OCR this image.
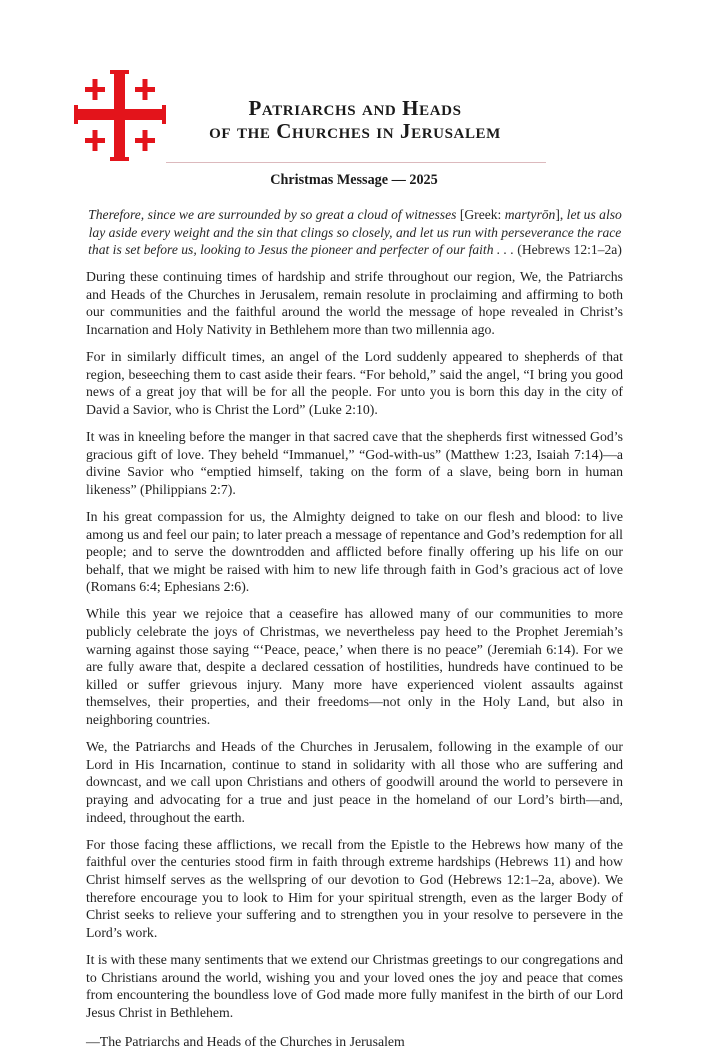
Patriarchs and Heads
of the Churches in Jerusalem
Christmas Message — 2025
Therefore, since we are surrounded by so great a cloud of witnesses [Greek: martyrōn], let us also lay aside every weight and the sin that clings so closely, and let us run with perseverance the race that is set before us, looking to Jesus the pioneer and perfecter of our faith . . . (Hebrews 12:1–2a)

During these continuing times of hardship and strife throughout our region, We, the Patriarchs and Heads of the Churches in Jerusalem, remain resolute in proclaiming and affirming to both our communities and the faithful around the world the message of hope revealed in Christ’s Incarnation and Holy Nativity in Bethlehem more than two millennia ago.

For in similarly difficult times, an angel of the Lord suddenly appeared to shepherds of that region, beseeching them to cast aside their fears. “For behold,” said the angel, “I bring you good news of a great joy that will be for all the people. For unto you is born this day in the city of David a Savior, who is Christ the Lord” (Luke 2:10).

It was in kneeling before the manger in that sacred cave that the shepherds first witnessed God’s gracious gift of love. They beheld “Immanuel,” “God-with-us” (Matthew 1:23, Isaiah 7:14)—a divine Savior who “emptied himself, taking on the form of a slave, being born in human likeness” (Philippians 2:7).

In his great compassion for us, the Almighty deigned to take on our flesh and blood: to live among us and feel our pain; to later preach a message of repentance and God’s redemption for all people; and to serve the downtrodden and afflicted before finally offering up his life on our behalf, that we might be raised with him to new life through faith in God’s gracious act of love (Romans 6:4; Ephesians 2:6).

While this year we rejoice that a ceasefire has allowed many of our communities to more publicly celebrate the joys of Christmas, we nevertheless pay heed to the Prophet Jeremiah’s warning against those saying “‘Peace, peace,’ when there is no peace” (Jeremiah 6:14). For we are fully aware that, despite a declared cessation of hostilities, hundreds have continued to be killed or suffer grievous injury. Many more have experienced violent assaults against themselves, their properties, and their freedoms—not only in the Holy Land, but also in neighboring countries.

We, the Patriarchs and Heads of the Churches in Jerusalem, following in the example of our Lord in His Incarnation, continue to stand in solidarity with all those who are suffering and downcast, and we call upon Christians and others of goodwill around the world to persevere in praying and advocating for a true and just peace in the homeland of our Lord’s birth—and, indeed, throughout the earth.

For those facing these afflictions, we recall from the Epistle to the Hebrews how many of the faithful over the centuries stood firm in faith through extreme hardships (Hebrews 11) and how Christ himself serves as the wellspring of our devotion to God (Hebrews 12:1–2a, above). We therefore encourage you to look to Him for your spiritual strength, even as the larger Body of Christ seeks to relieve your suffering and to strengthen you in your resolve to persevere in the Lord’s work.

It is with these many sentiments that we extend our Christmas greetings to our congregations and to Christians around the world, wishing you and your loved ones the joy and peace that comes from encountering the boundless love of God made more fully manifest in the birth of our Lord Jesus Christ in Bethlehem.

—The Patriarchs and Heads of the Churches in Jerusalem
